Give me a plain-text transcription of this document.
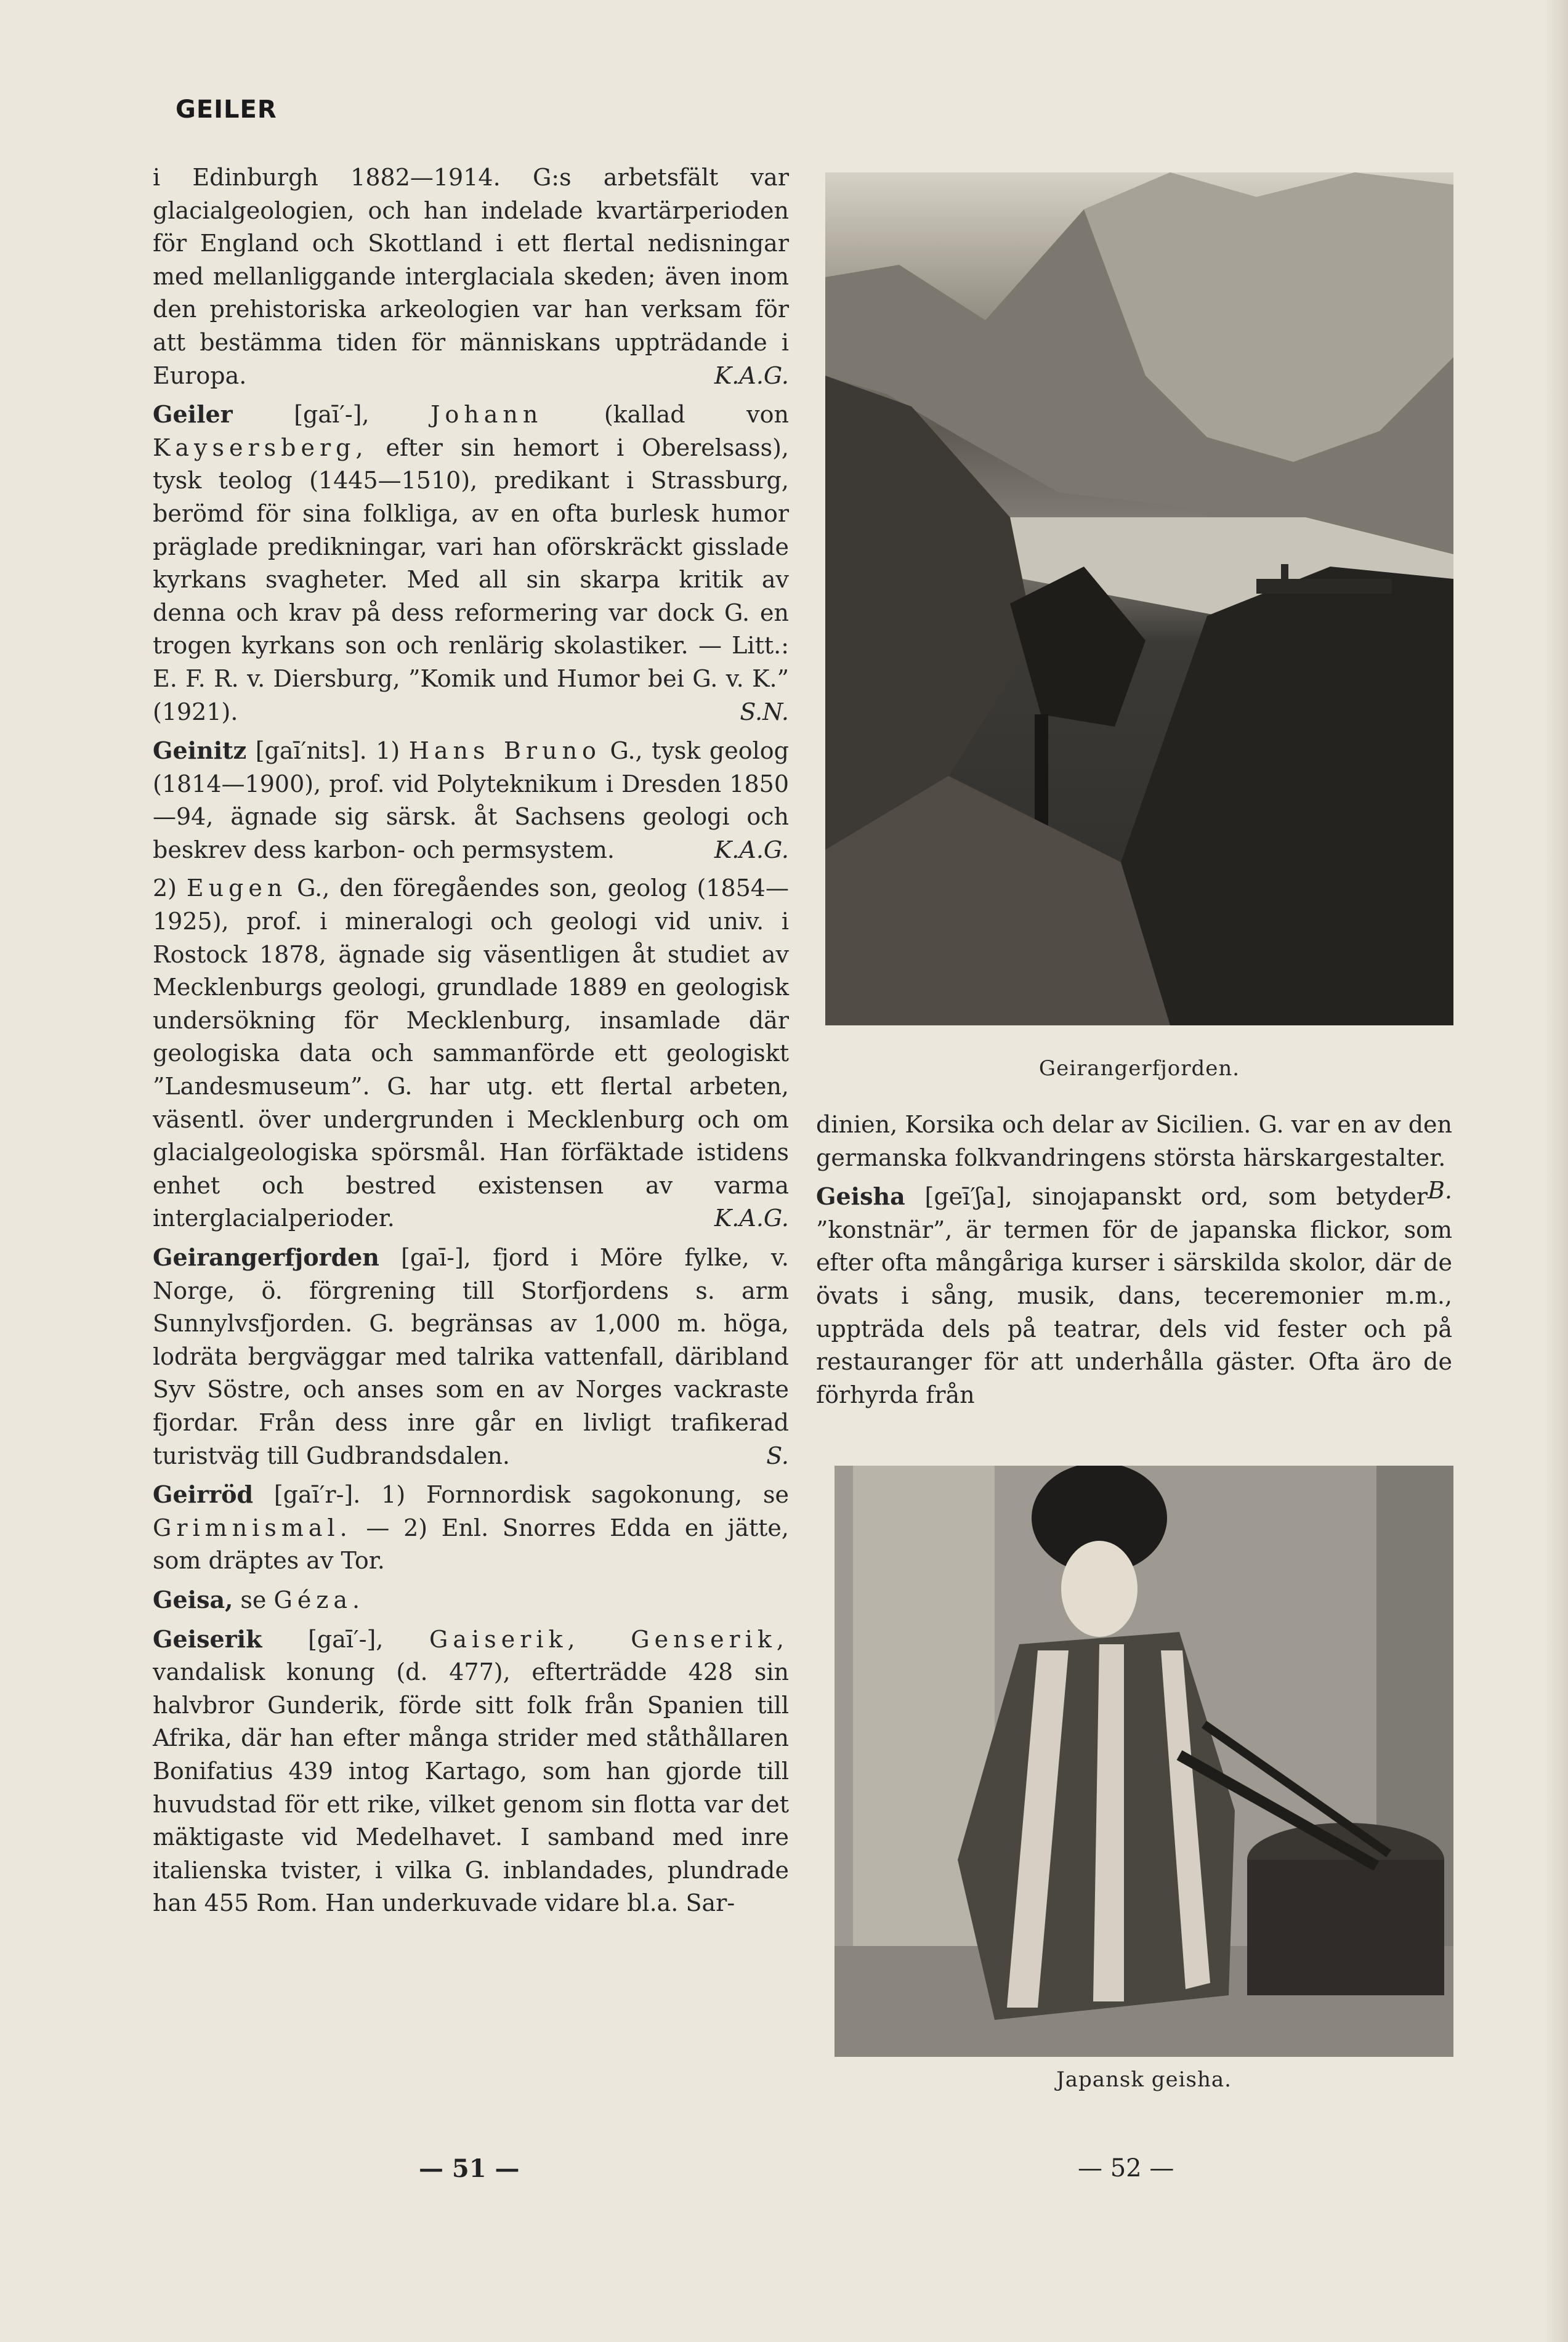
GEILER

i Edinburgh 1882—1914. G:s arbetsfält var glacialgeologien, och han indelade kvartärperioden för England och Skottland i ett flertal nedisningar med mellanliggande interglaciala skeden; även inom den prehistoriska arkeologien var han verksam för att bestämma tiden för människans uppträdande i Europa.	K.A.G.

Geiler	[gaī′-],	Johann	(kallad von Kaysersberg, efter sin hemort i Oberelsass), tysk teolog (1445—1510), predikant i Strassburg, berömd för sina folkliga, av en ofta burlesk humor präglade predikningar, vari han oförskräckt gisslade kyrkans svagheter. Med all sin skarpa kritik av denna och krav på dess reformering var dock G. en trogen kyrkans son och renlärig skolastiker. — Litt.: E. F. R. v. Diersburg, ”Komik und Humor bei G. v. K.” (1921).	S.N.

Geinitz [gaī′nits]. 1) Hans Bruno G., tysk geolog (1814—1900), prof. vid Polyteknikum i Dresden 1850—94, ägnade sig särsk. åt Sachsens geologi och beskrev dess karbon- och permsystem.	K.A.G.

2) Eugen G., den föregåendes son, geolog (1854—1925), prof. i mineralogi och geologi vid univ. i Rostock 1878, ägnade sig väsentligen åt studiet av Mecklenburgs geologi, grundlade 1889 en geologisk undersökning för Mecklenburg, insamlade där geologiska data och sammanförde ett geologiskt ”Landesmuseum”. G. har utg. ett flertal arbeten, väsentl. över undergrunden i Mecklenburg och om glacialgeologiska spörsmål. Han förfäktade istidens enhet och bestred existensen av varma interglacialperioder.	K.A.G.

Geirangerfjorden [gaī-], fjord i Möre fylke, v. Norge, ö. förgrening till Storfjordens s. arm Sunnylvsfjorden. G. begränsas av 1,000 m. höga, lodräta bergväggar med talrika vattenfall, däribland Syv Söstre, och anses som en av Norges vackraste fjordar. Från dess inre går en livligt trafikerad turistväg till Gudbrandsdalen.	S.

Geirröd [gaī′r-]. 1) Fornnordisk sagokonung, se Grimnismal. — 2) Enl. Snorres Edda en jätte, som dräptes av Tor.

Geisa, se Géza.

Geiserik [gaī′-], Gaiserik, Genserik, vandalisk konung (d. 477), efterträdde 428 sin halvbror Gunderik, förde sitt folk från Spanien till Afrika, där han efter många strider med ståthållaren Bonifatius 439 intog Kartago, som han gjorde till huvudstad för ett rike, vilket genom sin flotta var det mäktigaste vid Medelhavet. I samband med inre italienska tvister, i vilka G. inblandades, plundrade han 455 Rom. Han underkuvade vidare bl.a. Sar-

Geirangerfjorden.

dinien, Korsika och delar av Sicilien. G. var en av den germanska folkvandringens största härskargestalter.
B.

Geisha [geī′ʃa], sinojapanskt ord, som betyder ”konstnär”, är termen för de japanska flickor, som efter ofta mångåriga kurser i särskilda skolor, där de övats i sång, musik, dans, teceremonier m.m., uppträda dels på teatrar, dels vid fester och på restauranger för att underhålla gäster. Ofta äro de förhyrda från

Japansk geisha.
— 51 —	— 52 —
